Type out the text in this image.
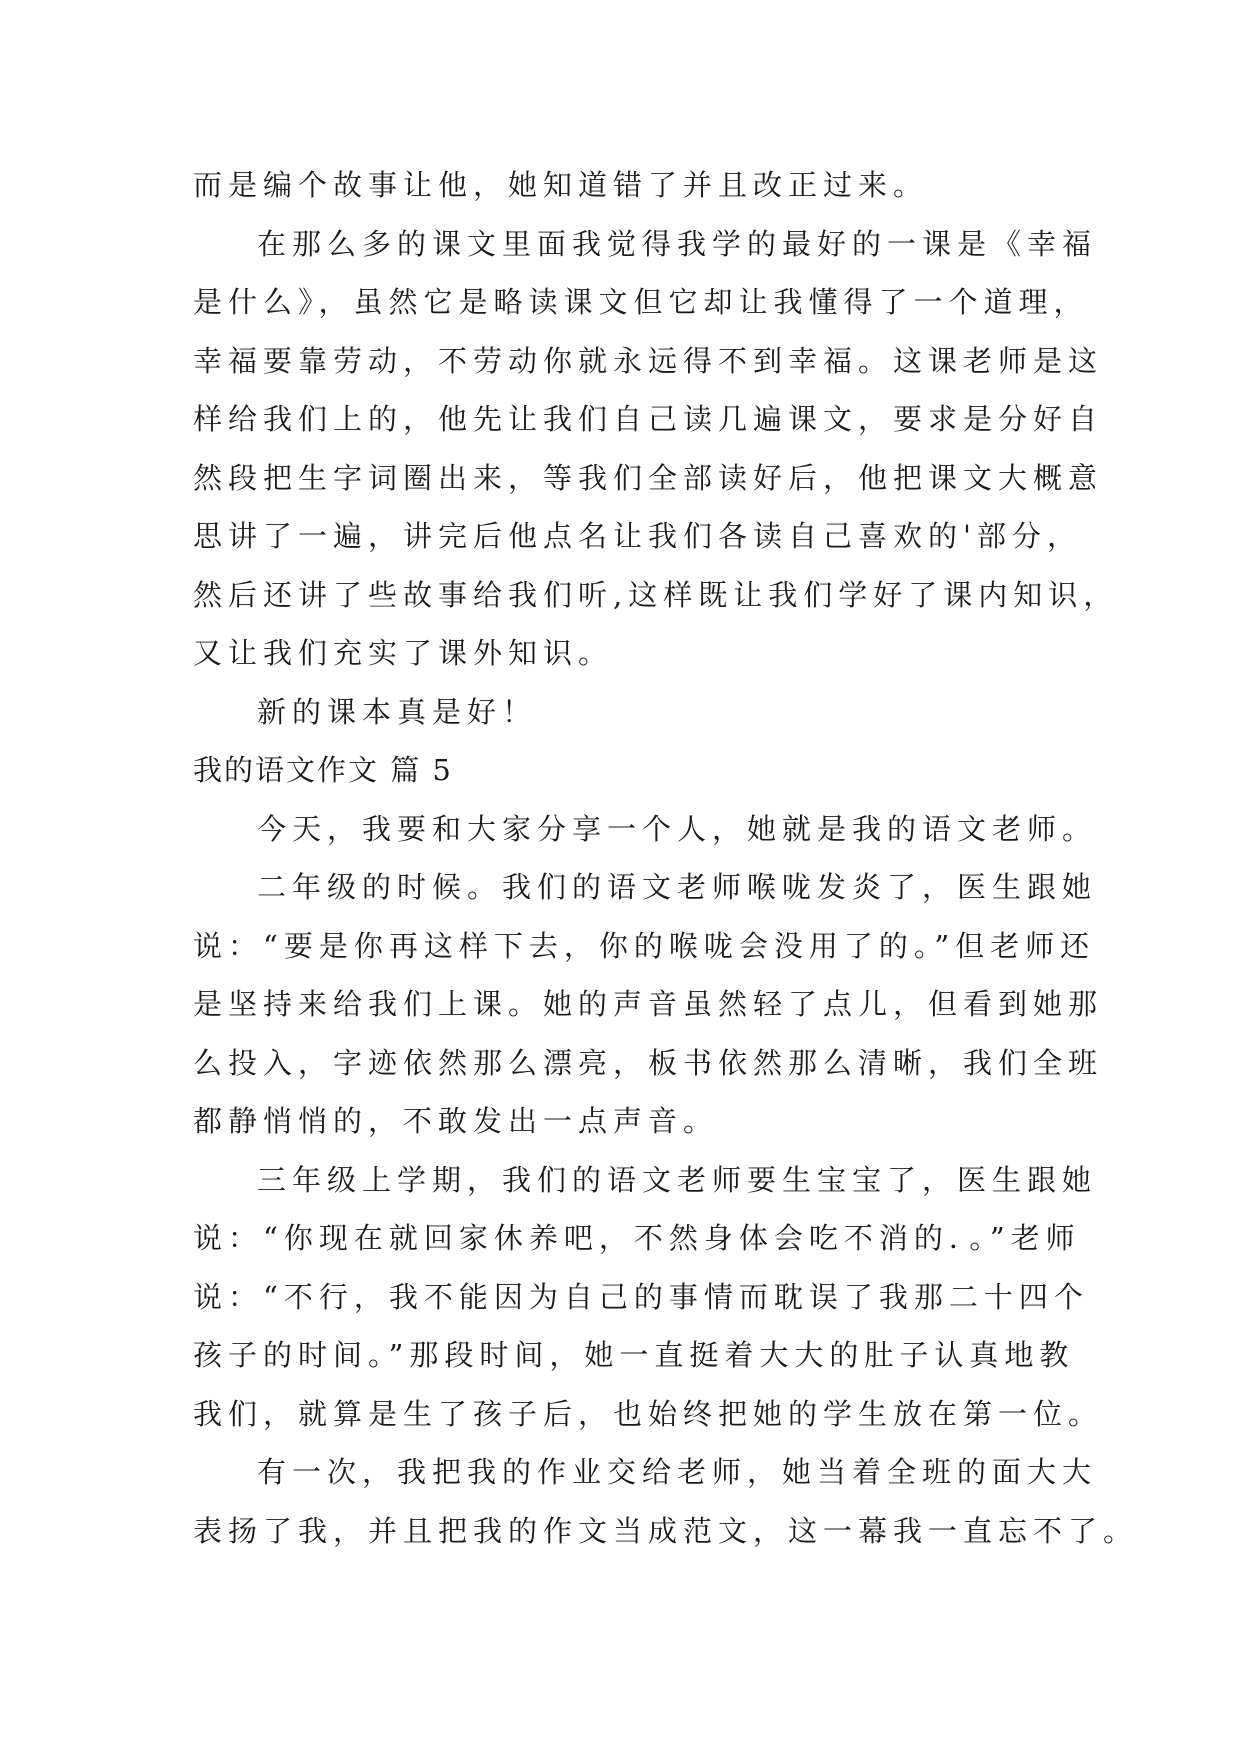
而是编个故事让他，她知道错了并且改正过来。
在那么多的课文里面我觉得我学的最好的一课是《幸福
是什么》，虽然它是略读课文但它却让我懂得了一个道理，
幸福要靠劳动，不劳动你就永远得不到幸福。这课老师是这
样给我们上的，他先让我们自己读几遍课文，要求是分好自
然段把生字词圈出来，等我们全部读好后，他把课文大概意
思讲了一遍，讲完后他点名让我们各读自己喜欢的'部分，
然后还讲了些故事给我们听,这样既让我们学好了课内知识，
又让我们充实了课外知识。
新的课本真是好！
我的语文作文 篇 5
今天，我要和大家分享一个人，她就是我的语文老师。
二年级的时候。我们的语文老师喉咙发炎了，医生跟她
说：“要是你再这样下去，你的喉咙会没用了的。”但老师还
是坚持来给我们上课。她的声音虽然轻了点儿，但看到她那
么投入，字迹依然那么漂亮，板书依然那么清晰，我们全班
都静悄悄的，不敢发出一点声音。
三年级上学期，我们的语文老师要生宝宝了，医生跟她
说：“你现在就回家休养吧，不然身体会吃不消的．。”老师
说：“不行，我不能因为自己的事情而耽误了我那二十四个
孩子的时间。”那段时间，她一直挺着大大的肚子认真地教
我们，就算是生了孩子后，也始终把她的学生放在第一位。
有一次，我把我的作业交给老师，她当着全班的面大大
表扬了我，并且把我的作文当成范文，这一幕我一直忘不了。
